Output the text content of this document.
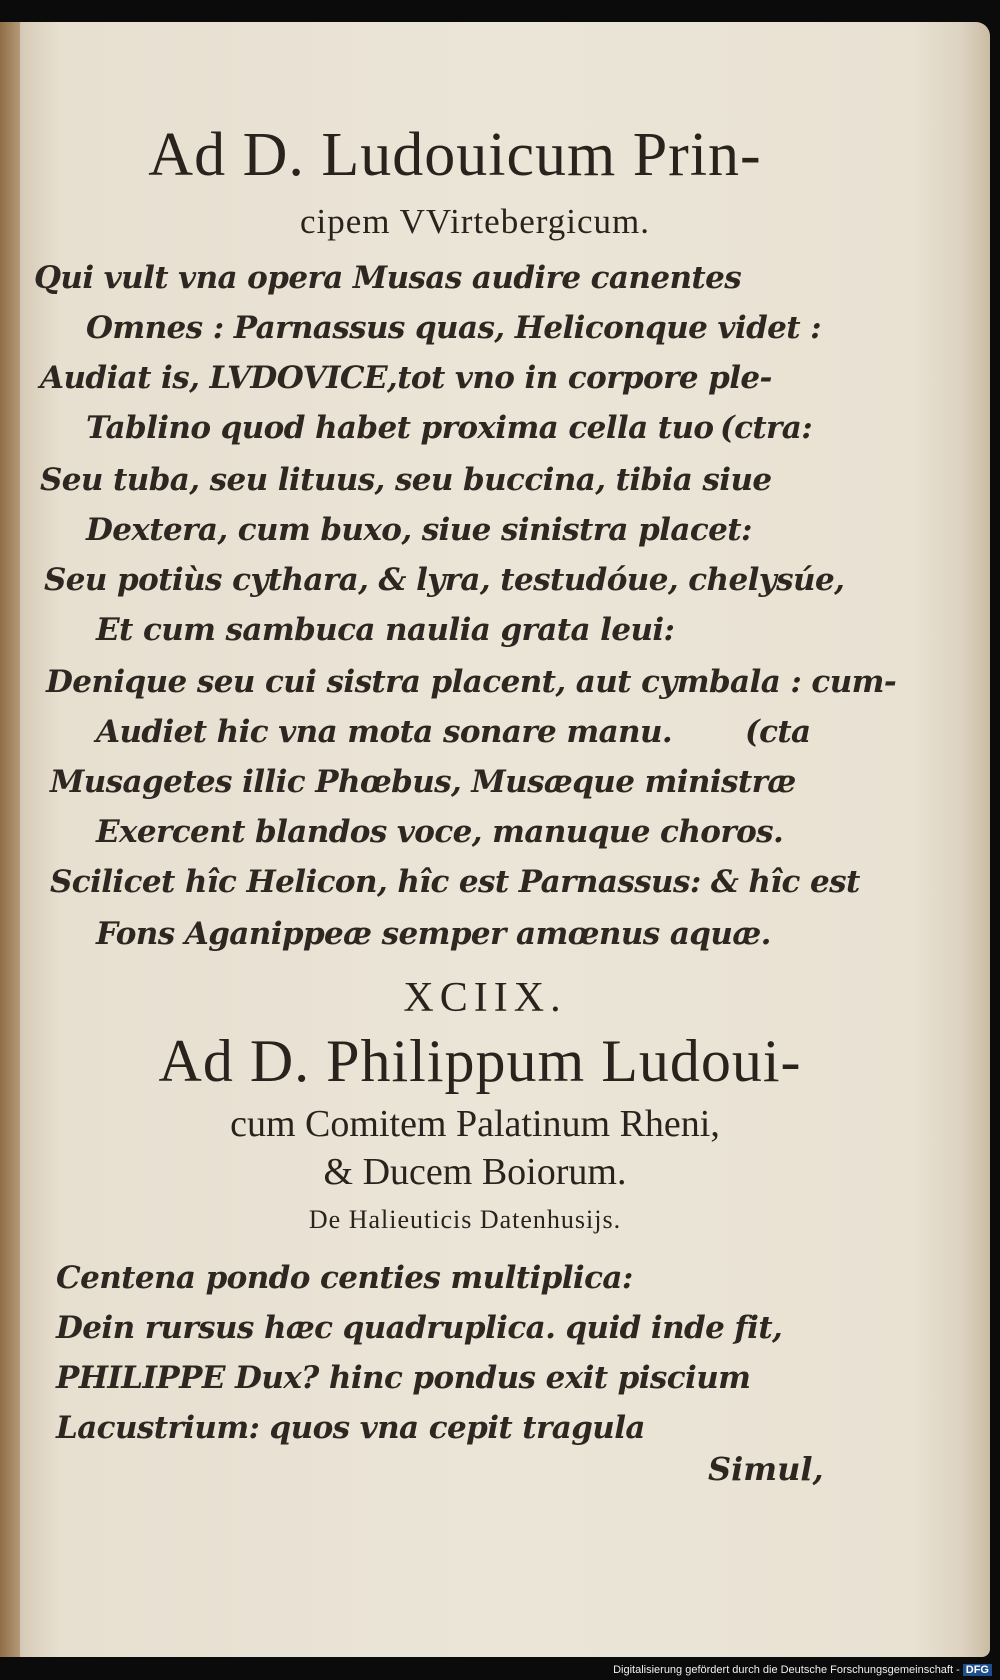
Ad D. Ludouicum Prin-
cipem VVirtebergicum.
Qui vult vna opera Musas audire canentes
Omnes : Parnassus quas, Heliconque videt :
Audiat is, LVDOVICE,tot vno in corpore ple-
Tablino quod habet proxima cella tuo
Seu tuba, seu lituus, seu buccina, tibia siue
Dextera, cum buxo, siue sinistra placet:
Seu potiùs cythara, & lyra, testudóue, chelysúe,
Et cum sambuca naulia grata leui:
Denique seu cui sistra placent, aut cymbala : cum-
Audiet hic vna mota sonare manu.
Musagetes illic Phœbus, Musæque ministræ
Exercent blandos voce, manuque choros.
Scilicet hîc Helicon, hîc est Parnassus: & hîc est
Fons Aganippeæ semper amœnus aquæ.
(ctra:
(cta
XCIIX.
Ad D. Philippum Ludoui-
cum Comitem Palatinum Rheni,
& Ducem Boiorum.
De Halieuticis Datenhusijs.
Centena pondo centies multiplica:
Dein rursus hæc quadruplica. quid inde fit,
PHILIPPE Dux? hinc pondus exit piscium
Lacustrium: quos vna cepit tragula
Simul,
Digitalisierung gefördert durch die Deutsche Forschungsgemeinschaft - DFG
